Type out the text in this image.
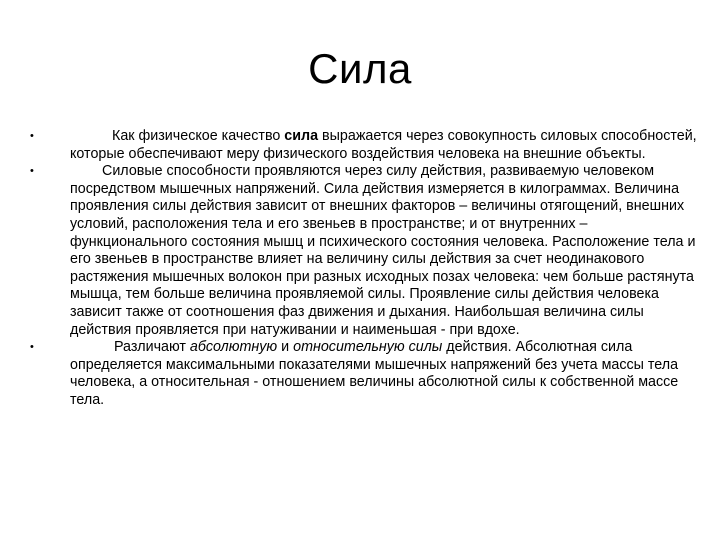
Сила
•	Как физическое качество сила выражается через совокупность силовых способностей, которые обеспечивают меру физического воздействия человека на внешние объекты.
•	Силовые способности проявляются через силу действия, развиваемую человеком посредством мышечных напряжений. Сила действия измеряется в килограммах. Величина проявления силы действия зависит от внешних факторов – величины отягощений, внешних условий, расположения тела и его звеньев в пространстве; и от внутренних – функционального состояния мышц и психического состояния человека. Расположение тела и его звеньев в пространстве влияет на величину силы действия за счет неодинакового растяжения мышечных волокон при разных исходных позах человека: чем больше растянута мышца, тем больше величина проявляемой силы. Проявление силы действия человека зависит также от соотношения фаз движения и дыхания. Наибольшая величина силы действия проявляется при натуживании и наименьшая - при вдохе.
•	Различают абсолютную и относительную силы действия. Абсолютная сила определяется максимальными показателями мышечных напряжений без учета массы тела человека, а относительная - отношением величины абсолютной силы к собственной массе тела.
